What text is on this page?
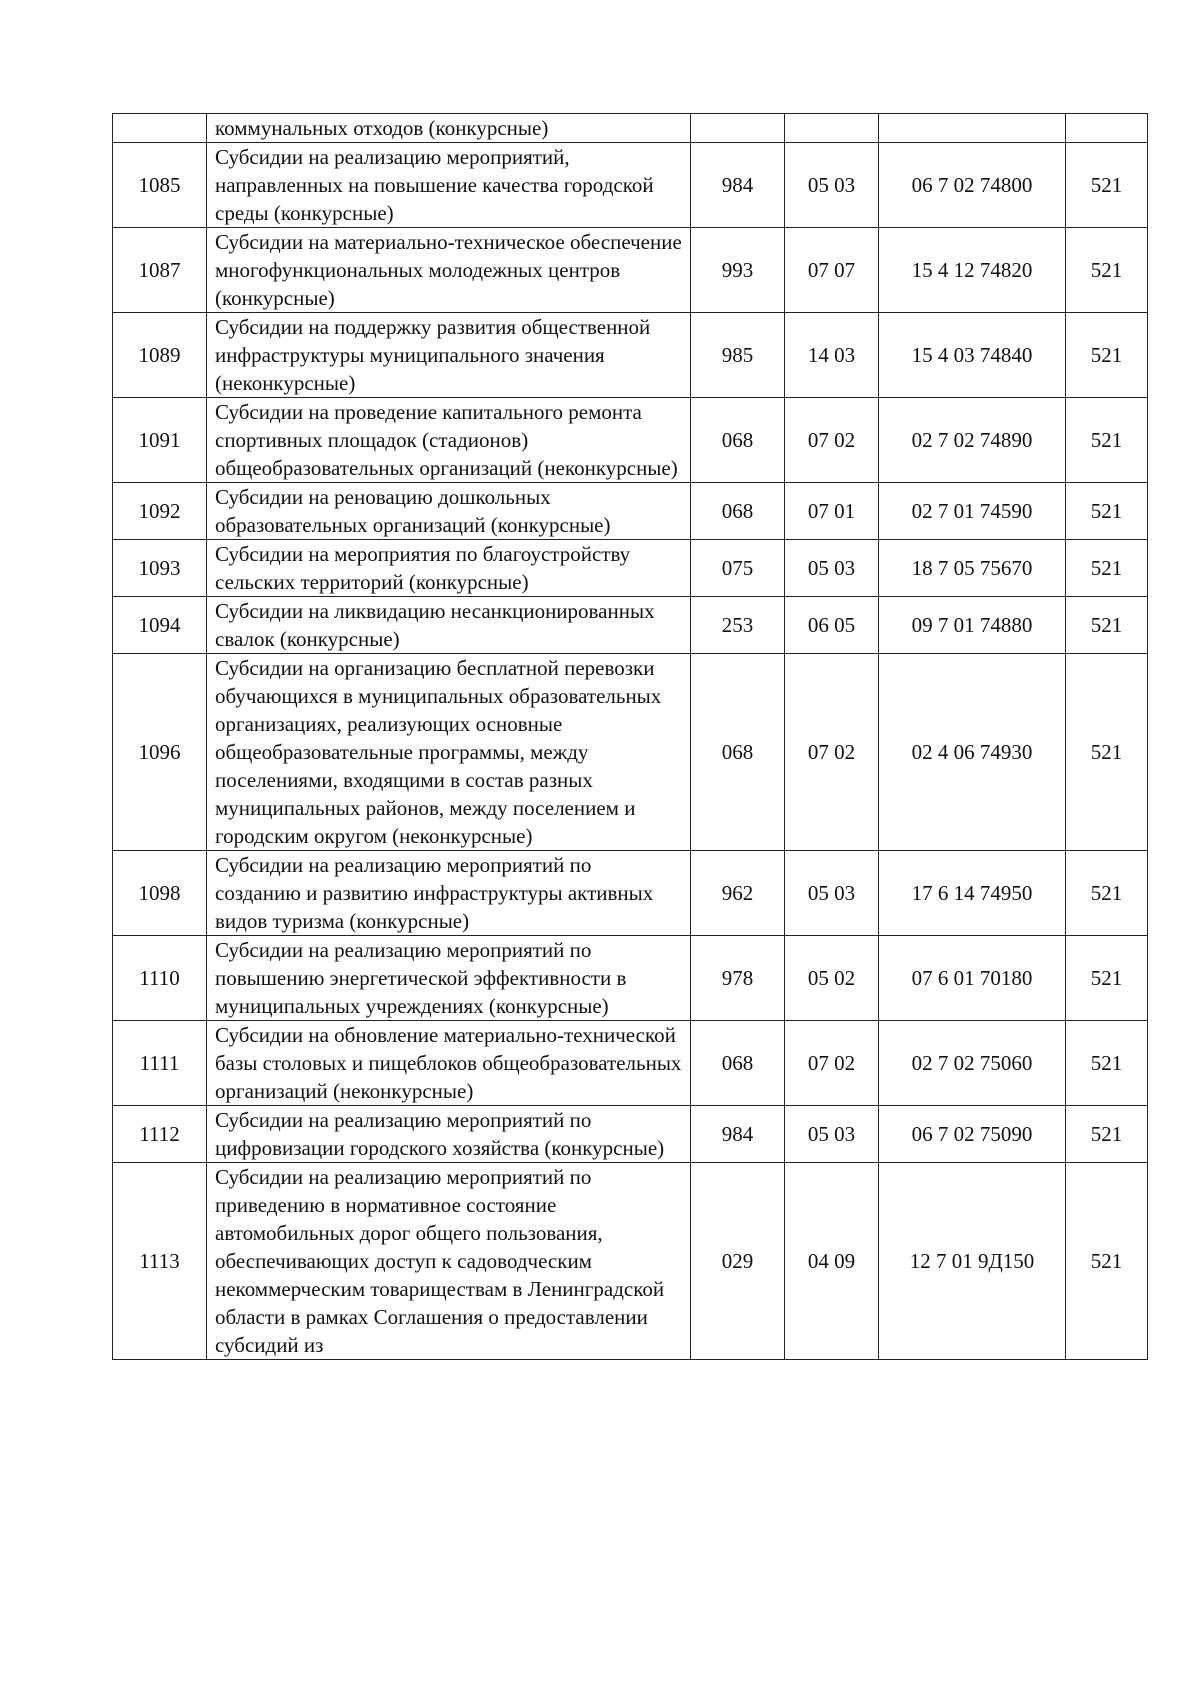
	коммунальных отходов (конкурсные)				
1085	Субсидии на реализацию мероприятий, направленных на повышение качества городской среды (конкурсные)	984	05 03	06 7 02 74800	521
1087	Субсидии на материально-техническое обеспечение многофункциональных молодежных центров (конкурсные)	993	07 07	15 4 12 74820	521
1089	Субсидии на поддержку развития общественной инфраструктуры муниципального значения (неконкурсные)	985	14 03	15 4 03 74840	521
1091	Субсидии на проведение капитального ремонта спортивных площадок (стадионов) общеобразовательных организаций (неконкурсные)	068	07 02	02 7 02 74890	521
1092	Субсидии на реновацию дошкольных образовательных организаций (конкурсные)	068	07 01	02 7 01 74590	521
1093	Субсидии на мероприятия по благоустройству сельских территорий (конкурсные)	075	05 03	18 7 05 75670	521
1094	Субсидии на ликвидацию несанкционированных свалок (конкурсные)	253	06 05	09 7 01 74880	521
1096	Субсидии на организацию бесплатной перевозки обучающихся в муниципальных образовательных организациях, реализующих основные общеобразовательные программы, между поселениями, входящими в состав разных муниципальных районов, между поселением и городским округом (неконкурсные)	068	07 02	02 4 06 74930	521
1098	Субсидии на реализацию мероприятий по созданию и развитию инфраструктуры активных видов туризма (конкурсные)	962	05 03	17 6 14 74950	521
1110	Субсидии на реализацию мероприятий по повышению энергетической эффективности в муниципальных учреждениях (конкурсные)	978	05 02	07 6 01 70180	521
1111	Субсидии на обновление материально-технической базы столовых и пищеблоков общеобразовательных организаций (неконкурсные)	068	07 02	02 7 02 75060	521
1112	Субсидии на реализацию мероприятий по цифровизации городского хозяйства (конкурсные)	984	05 03	06 7 02 75090	521
1113	Субсидии на реализацию мероприятий по приведению в нормативное состояние автомобильных дорог общего пользования, обеспечивающих доступ к садоводческим некоммерческим товариществам в Ленинградской области в рамках Соглашения о предоставлении субсидий из	029	04 09	12 7 01 9Д150	521
